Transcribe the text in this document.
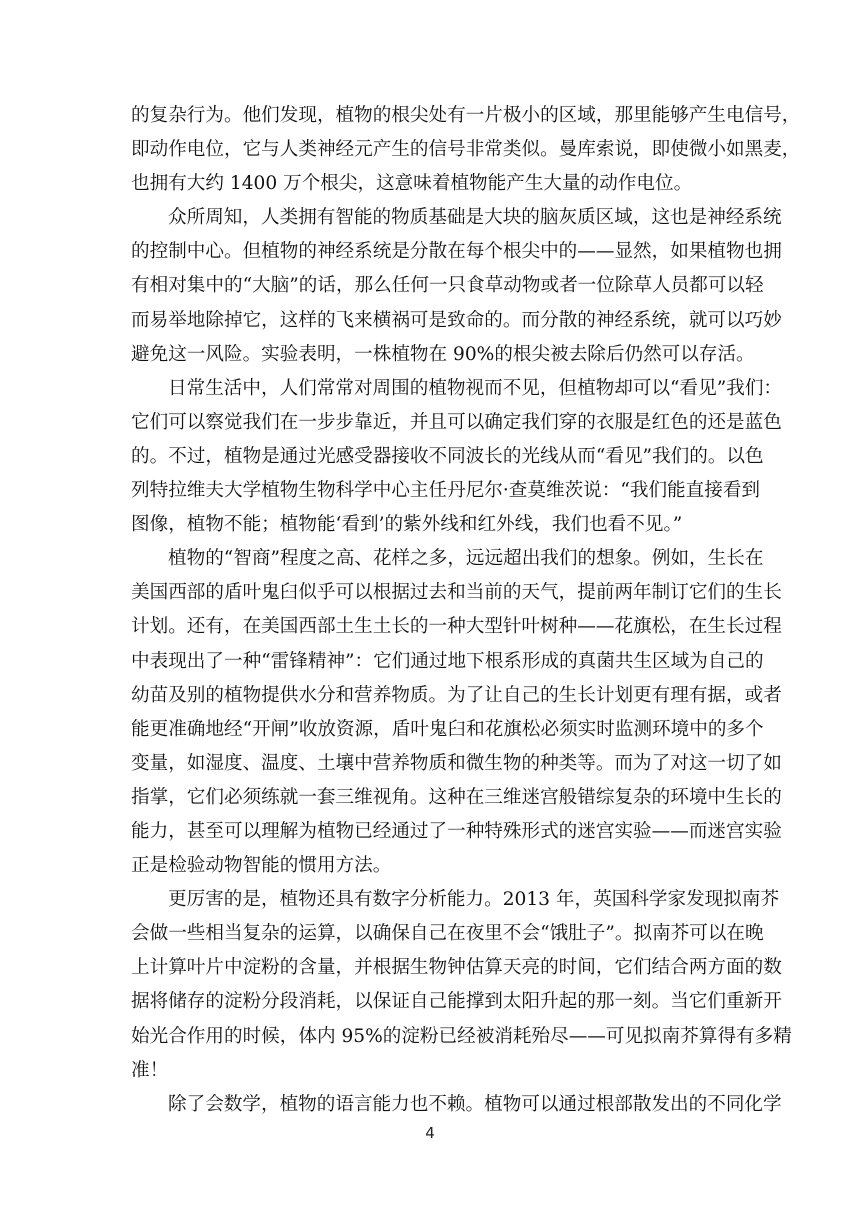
的复杂行为。他们发现，植物的根尖处有一片极小的区域，那里能够产生电信号，
即动作电位，它与人类神经元产生的信号非常类似。曼库索说，即使微小如黑麦，
也拥有大约 1400 万个根尖，这意味着植物能产生大量的动作电位。
众所周知，人类拥有智能的物质基础是大块的脑灰质区域，这也是神经系统
的控制中心。但植物的神经系统是分散在每个根尖中的——显然，如果植物也拥
有相对集中的“大脑”的话，那么任何一只食草动物或者一位除草人员都可以轻
而易举地除掉它，这样的飞来横祸可是致命的。而分散的神经系统，就可以巧妙
避免这一风险。实验表明，一株植物在 90%的根尖被去除后仍然可以存活。
日常生活中，人们常常对周围的植物视而不见，但植物却可以“看见”我们：
它们可以察觉我们在一步步靠近，并且可以确定我们穿的衣服是红色的还是蓝色
的。不过，植物是通过光感受器接收不同波长的光线从而“看见”我们的。以色
列特拉维夫大学植物生物科学中心主任丹尼尔·查莫维茨说：“我们能直接看到
图像，植物不能；植物能‘看到’的紫外线和红外线，我们也看不见。”
植物的“智商”程度之高、花样之多，远远超出我们的想象。例如，生长在
美国西部的盾叶鬼臼似乎可以根据过去和当前的天气，提前两年制订它们的生长
计划。还有，在美国西部土生土长的一种大型针叶树种——花旗松，在生长过程
中表现出了一种“雷锋精神”：它们通过地下根系形成的真菌共生区域为自己的
幼苗及别的植物提供水分和营养物质。为了让自己的生长计划更有理有据，或者
能更准确地经“开闸”收放资源，盾叶鬼臼和花旗松必须实时监测环境中的多个
变量，如湿度、温度、土壤中营养物质和微生物的种类等。而为了对这一切了如
指掌，它们必须练就一套三维视角。这种在三维迷宫般错综复杂的环境中生长的
能力，甚至可以理解为植物已经通过了一种特殊形式的迷宫实验——而迷宫实验
正是检验动物智能的惯用方法。
更厉害的是，植物还具有数字分析能力。2013 年，英国科学家发现拟南芥
会做一些相当复杂的运算，以确保自己在夜里不会“饿肚子”。拟南芥可以在晚
上计算叶片中淀粉的含量，并根据生物钟估算天亮的时间，它们结合两方面的数
据将储存的淀粉分段消耗，以保证自己能撑到太阳升起的那一刻。当它们重新开
始光合作用的时候，体内 95%的淀粉已经被消耗殆尽——可见拟南芥算得有多精
准！
除了会数学，植物的语言能力也不赖。植物可以通过根部散发出的不同化学
4
